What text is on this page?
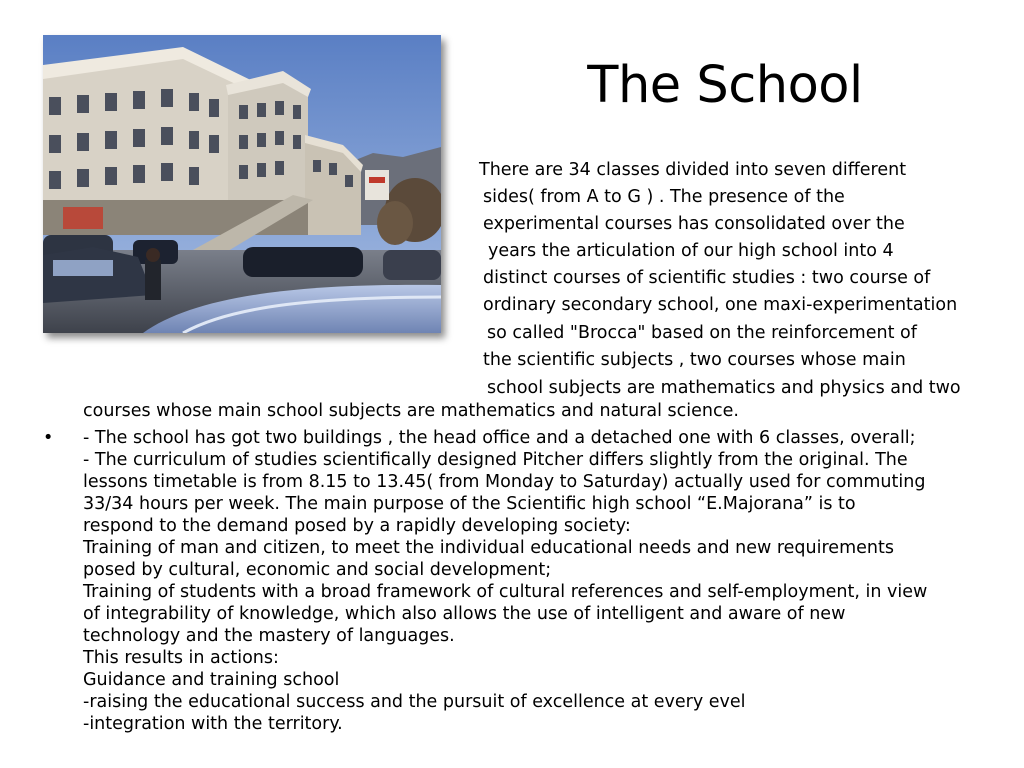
The School
There are 34 classes divided into seven different
sides( from A to G ) . The presence of the
experimental courses has consolidated over the
years the articulation of our high school into 4
distinct courses of scientific studies : two course of
ordinary secondary school, one maxi-experimentation
so called "Brocca" based on the reinforcement of
the scientific subjects , two courses whose main
school subjects are mathematics and physics and two
courses whose main school subjects are mathematics and natural science.
• - The school has got two buildings , the head office and a detached one with 6 classes, overall;
- The curriculum of studies scientifically designed Pitcher differs slightly from the original. The
lessons timetable is from 8.15 to 13.45( from Monday to Saturday) actually used for commuting
33/34 hours per week. The main purpose of the Scientific high school “E.Majorana” is to
respond to the demand posed by a rapidly developing society:
Training of man and citizen, to meet the individual educational needs and new requirements
posed by cultural, economic and social development;
Training of students with a broad framework of cultural references and self-employment, in view
of integrability of knowledge, which also allows the use of intelligent and aware of new
technology and the mastery of languages.
This results in actions:
Guidance and training school
-raising the educational success and the pursuit of excellence at every evel
-integration with the territory.
